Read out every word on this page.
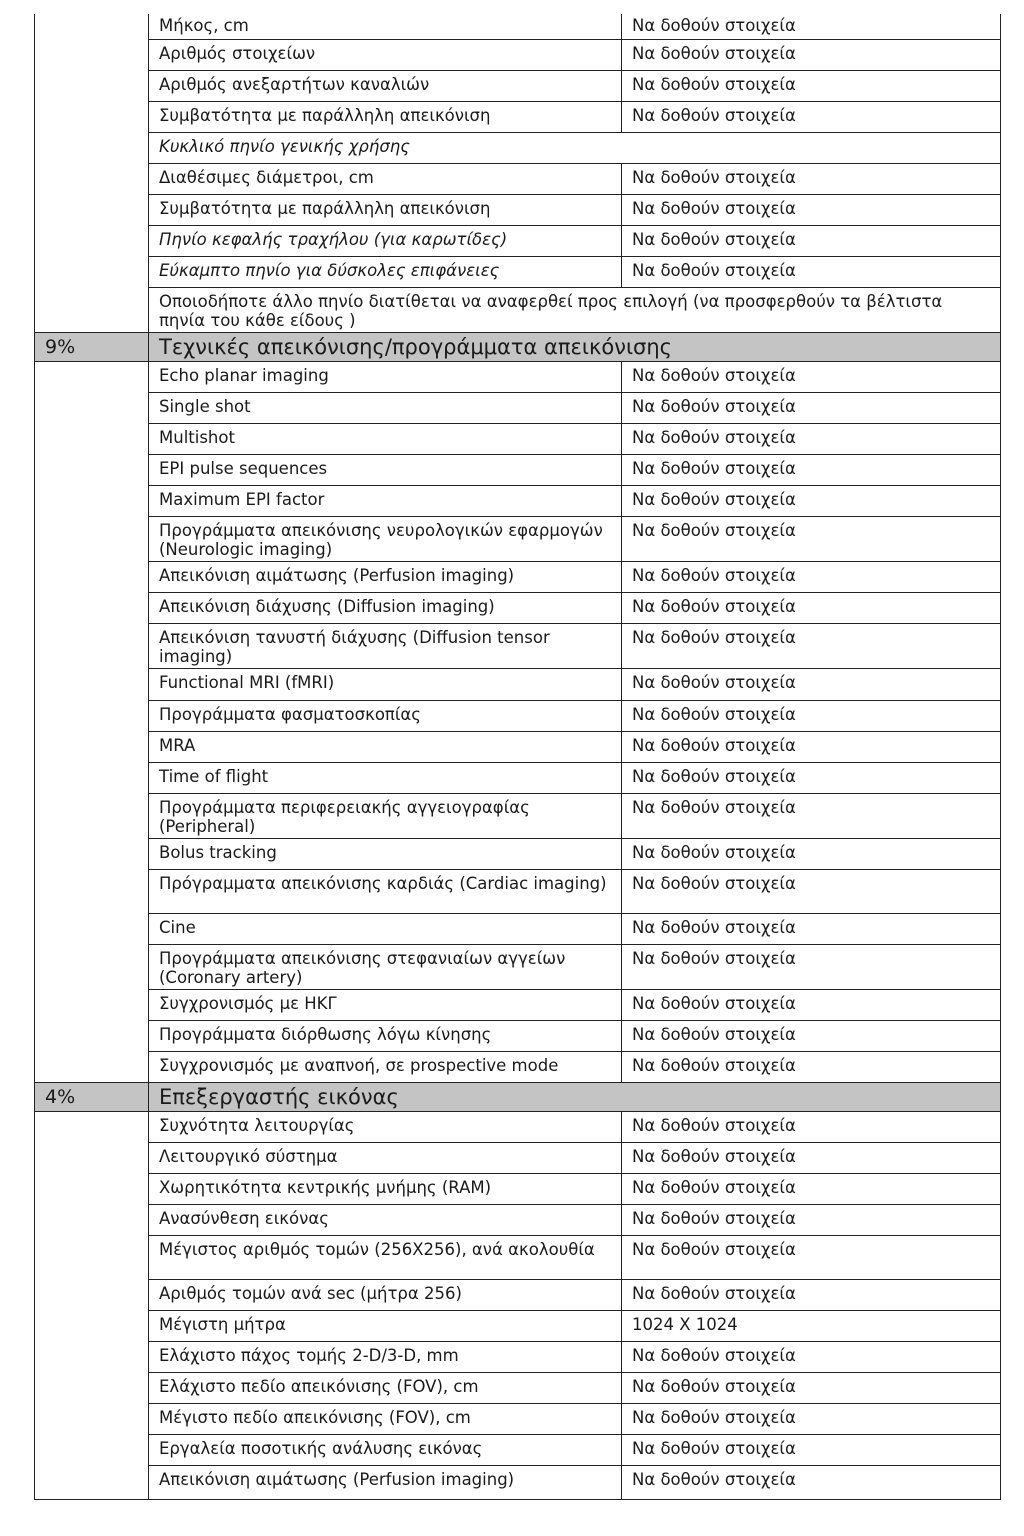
	Μήκος, cm	Να δοθούν στοιχεία
	Αριθμός στοιχείων	Να δοθούν στοιχεία
	Αριθμός ανεξαρτήτων καναλιών	Να δοθούν στοιχεία
	Συμβατότητα με παράλληλη απεικόνιση	Να δοθούν στοιχεία
	Κυκλικό πηνίο γενικής χρήσης	
	Διαθέσιμες διάμετροι, cm	Να δοθούν στοιχεία
	Συμβατότητα με παράλληλη απεικόνιση	Να δοθούν στοιχεία
	Πηνίο κεφαλής τραχήλου (για καρωτίδες)	Να δοθούν στοιχεία
	Εύκαμπτο πηνίο για δύσκολες επιφάνειες	Να δοθούν στοιχεία
	Οποιοδήποτε άλλο πηνίο διατίθεται να αναφερθεί προς επιλογή (να προσφερθούν τα βέλτιστα πηνία του κάθε είδους )	
9%	Τεχνικές απεικόνισης/προγράμματα απεικόνισης	
	Echo planar imaging	Να δοθούν στοιχεία
	Single shot	Να δοθούν στοιχεία
	Multishot	Να δοθούν στοιχεία
	EPI pulse sequences	Να δοθούν στοιχεία
	Maximum EPI factor	Να δοθούν στοιχεία
	Προγράμματα απεικόνισης νευρολογικών εφαρμογών (Neurologic imaging)	Να δοθούν στοιχεία
	Απεικόνιση αιμάτωσης (Perfusion imaging)	Να δοθούν στοιχεία
	Απεικόνιση διάχυσης (Diffusion imaging)	Να δοθούν στοιχεία
	Απεικόνιση τανυστή διάχυσης (Diffusion tensor imaging)	Να δοθούν στοιχεία
	Functional MRI (fMRI)	Να δοθούν στοιχεία
	Προγράμματα φασματοσκοπίας	Να δοθούν στοιχεία
	MRA	Να δοθούν στοιχεία
	Time of flight	Να δοθούν στοιχεία
	Προγράμματα περιφερειακής αγγειογραφίας (Peripheral)	Να δοθούν στοιχεία
	Bolus tracking	Να δοθούν στοιχεία
	Πρόγραμματα απεικόνισης καρδιάς (Cardiac imaging)	Να δοθούν στοιχεία
	Cine	Να δοθούν στοιχεία
	Προγράμματα απεικόνισης στεφανιαίων αγγείων (Coronary artery)	Να δοθούν στοιχεία
	Συγχρονισμός με ΗΚΓ	Να δοθούν στοιχεία
	Προγράμματα διόρθωσης λόγω κίνησης	Να δοθούν στοιχεία
	Συγχρονισμός με αναπνοή, σε prospective mode	Να δοθούν στοιχεία
4%	Επεξεργαστής εικόνας	
	Συχνότητα λειτουργίας	Να δοθούν στοιχεία
	Λειτουργικό σύστημα	Να δοθούν στοιχεία
	Χωρητικότητα κεντρικής μνήμης (RAM)	Να δοθούν στοιχεία
	Ανασύνθεση εικόνας	Να δοθούν στοιχεία
	Μέγιστος αριθμός τομών (256X256), ανά ακολουθία	Να δοθούν στοιχεία
	Αριθμός τομών ανά sec (μήτρα 256)	Να δοθούν στοιχεία
	Μέγιστη μήτρα	1024 X 1024
	Ελάχιστο πάχος τομής 2-D/3-D, mm	Να δοθούν στοιχεία
	Ελάχιστο πεδίο απεικόνισης (FOV), cm	Να δοθούν στοιχεία
	Μέγιστο πεδίο απεικόνισης (FOV), cm	Να δοθούν στοιχεία
	Εργαλεία ποσοτικής ανάλυσης εικόνας	Να δοθούν στοιχεία
	Απεικόνιση αιμάτωσης (Perfusion imaging)	Να δοθούν στοιχεία
